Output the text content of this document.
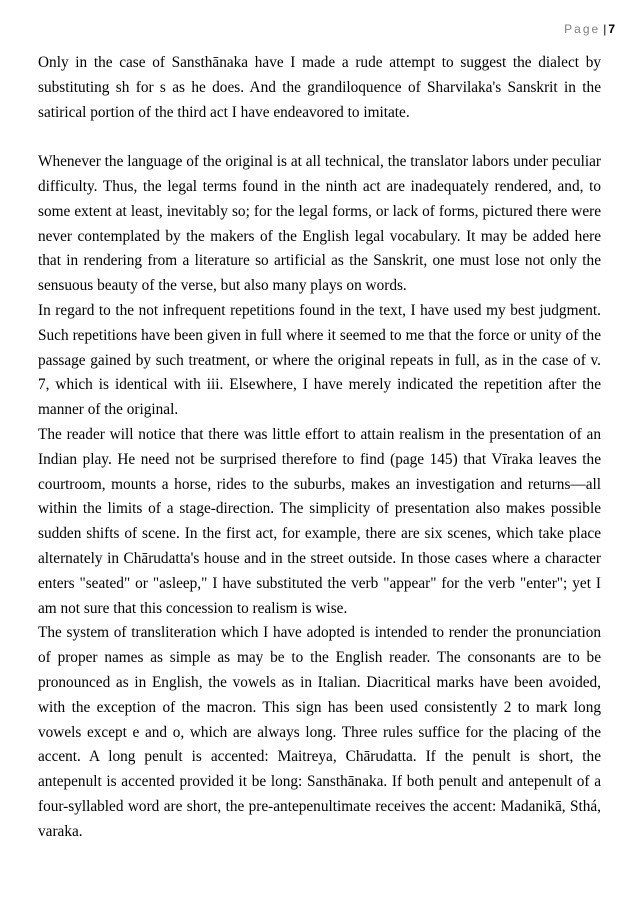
Page | 7

Only in the case of Sansthānaka have I made a rude attempt to suggest the dialect by substituting sh for s as he does. And the grandiloquence of Sharvilaka's Sanskrit in the satirical portion of the third act I have endeavored to imitate.

Whenever the language of the original is at all technical, the translator labors under peculiar difficulty. Thus, the legal terms found in the ninth act are inadequately rendered, and, to some extent at least, inevitably so; for the legal forms, or lack of forms, pictured there were never contemplated by the makers of the English legal vocabulary. It may be added here that in rendering from a literature so artificial as the Sanskrit, one must lose not only the sensuous beauty of the verse, but also many plays on words.

In regard to the not infrequent repetitions found in the text, I have used my best judgment. Such repetitions have been given in full where it seemed to me that the force or unity of the passage gained by such treatment, or where the original repeats in full, as in the case of v. 7, which is identical with iii. Elsewhere, I have merely indicated the repetition after the manner of the original.

The reader will notice that there was little effort to attain realism in the presentation of an Indian play. He need not be surprised therefore to find (page 145) that Vīraka leaves the courtroom, mounts a horse, rides to the suburbs, makes an investigation and returns—all within the limits of a stage-direction. The simplicity of presentation also makes possible sudden shifts of scene. In the first act, for example, there are six scenes, which take place alternately in Chārudatta's house and in the street outside. In those cases where a character enters "seated" or "asleep," I have substituted the verb "appear" for the verb "enter"; yet I am not sure that this concession to realism is wise.

The system of transliteration which I have adopted is intended to render the pronunciation of proper names as simple as may be to the English reader. The consonants are to be pronounced as in English, the vowels as in Italian. Diacritical marks have been avoided, with the exception of the macron. This sign has been used consistently 2 to mark long vowels except e and o, which are always long. Three rules suffice for the placing of the accent. A long penult is accented: Maitreya, Chārudatta. If the penult is short, the antepenult is accented provided it be long: Sansthānaka. If both penult and antepenult of a four-syllabled word are short, the pre-antepenultimate receives the accent: Madanikā, Sthá, varaka.
